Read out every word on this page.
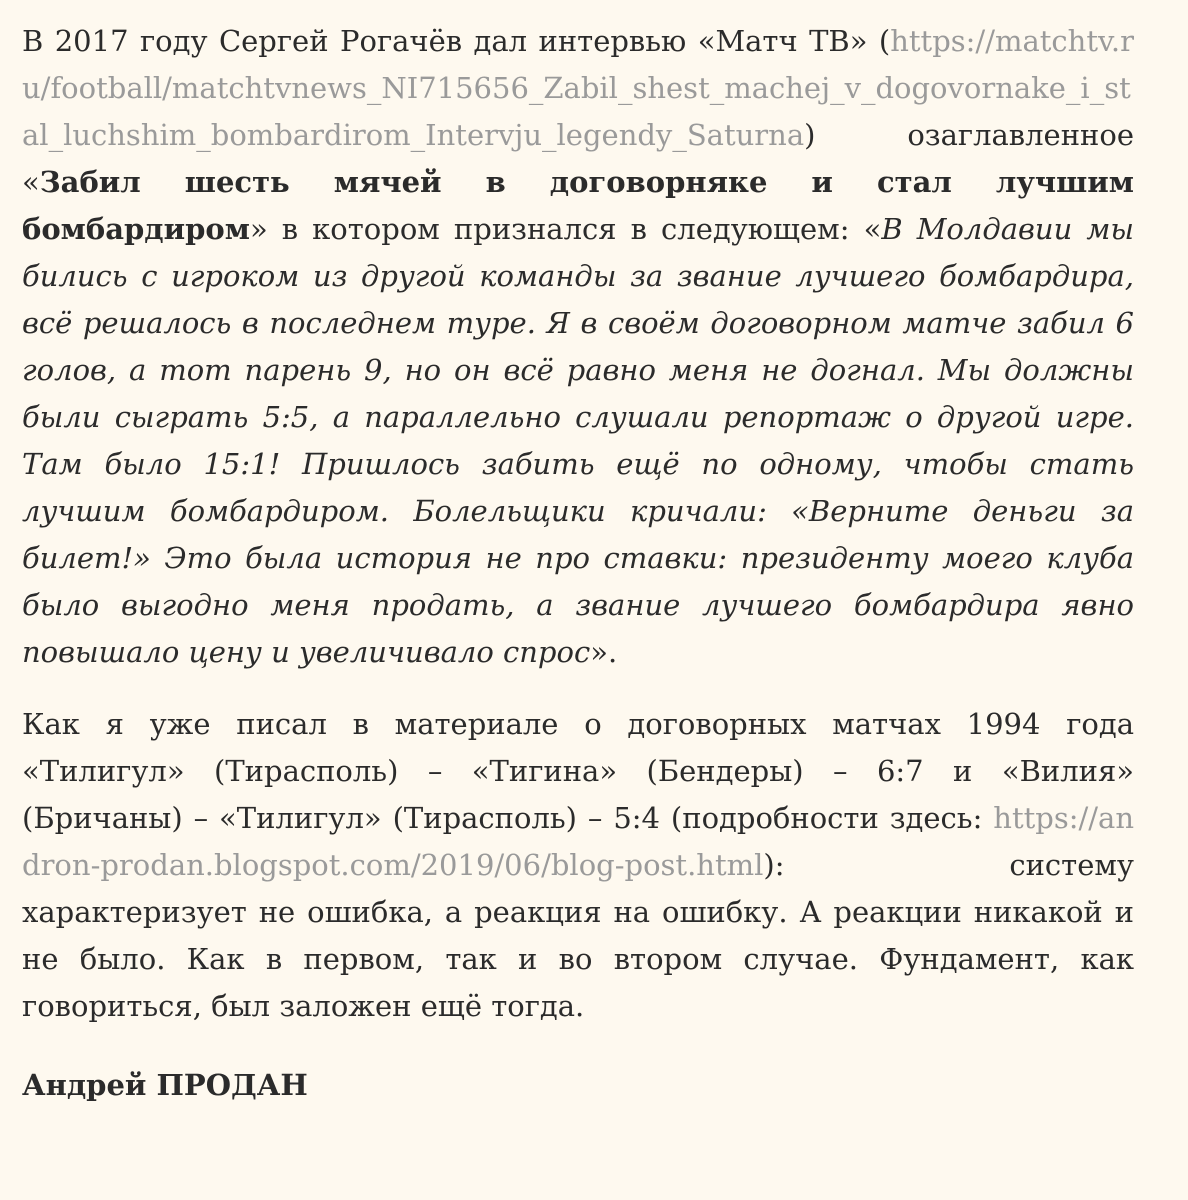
В 2017 году Сергей Рогачёв дал интервью «Матч ТВ» (https://matchtv.ru/football/matchtvnews_NI715656_Zabil_shest_machej_v_dogovornake_i_stal_luchshim_bombardirom_Intervju_legendy_Saturna) озаглавленное «Забил шесть мячей в договорняке и стал лучшим бомбардиром» в котором признался в следующем: «В Молдавии мы бились с игроком из другой команды за звание лучшего бомбардира, всё решалось в последнем туре. Я в своём договорном матче забил 6 голов, а тот парень 9, но он всё равно меня не догнал. Мы должны были сыграть 5:5, а параллельно слушали репортаж о другой игре. Там было 15:1! Пришлось забить ещё по одному, чтобы стать лучшим бомбардиром. Болельщики кричали: «Верните деньги за билет!» Это была история не про ставки: президенту моего клуба было выгодно меня продать, а звание лучшего бомбардира явно повышало цену и увеличивало спрос».

Как я уже писал в материале о договорных матчах 1994 года «Тилигул» (Тирасполь) – «Тигина» (Бендеры) – 6:7 и «Вилия» (Бричаны) – «Тилигул» (Тирасполь) – 5:4 (подробности здесь: https://andron-prodan.blogspot.com/2019/06/blog-post.html): систему характеризует не ошибка, а реакция на ошибку. А реакции никакой и не было. Как в первом, так и во втором случае. Фундамент, как говориться, был заложен ещё тогда.

Андрей ПРОДАН
